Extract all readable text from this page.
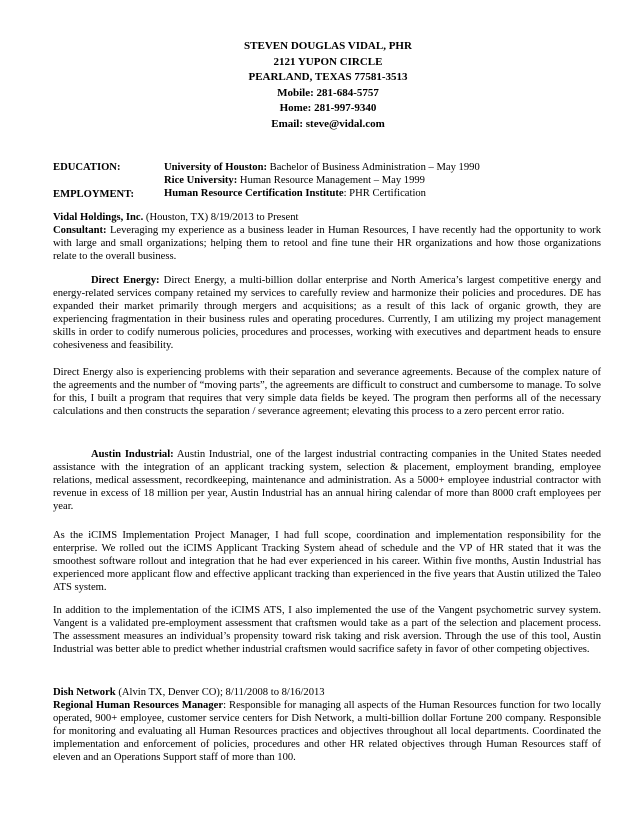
STEVEN DOUGLAS VIDAL, PHR
2121 YUPON CIRCLE
PEARLAND, TEXAS 77581-3513
Mobile: 281-684-5757
Home: 281-997-9340
Email: steve@vidal.com
EDUCATION:	University of Houston: Bachelor of Business Administration – May 1990
Rice University: Human Resource Management – May 1999
Human Resource Certification Institute: PHR Certification
EMPLOYMENT:
Vidal Holdings, Inc. (Houston, TX) 8/19/2013 to Present

Consultant: Leveraging my experience as a business leader in Human Resources, I have recently had the opportunity to work with large and small organizations; helping them to retool and fine tune their HR organizations and how those organizations relate to the overall business.

Direct Energy: Direct Energy, a multi-billion dollar enterprise and North America’s largest competitive energy and energy-related services company retained my services to carefully review and harmonize their policies and procedures. DE has expanded their market primarily through mergers and acquisitions; as a result of this lack of organic growth, they are experiencing fragmentation in their business rules and operating procedures. Currently, I am utilizing my project management skills in order to codify numerous policies, procedures and processes, working with executives and department heads to ensure cohesiveness and feasibility.

Direct Energy also is experiencing problems with their separation and severance agreements. Because of the complex nature of the agreements and the number of “moving parts”, the agreements are difficult to construct and cumbersome to manage. To solve for this, I built a program that requires that very simple data fields be keyed. The program then performs all of the necessary calculations and then constructs the separation / severance agreement; elevating this process to a zero percent error ratio.

Austin Industrial: Austin Industrial, one of the largest industrial contracting companies in the United States needed assistance with the integration of an applicant tracking system, selection & placement, employment branding, employee relations, medical assessment, recordkeeping, maintenance and administration. As a 5000+ employee industrial contractor with revenue in excess of 18 million per year, Austin Industrial has an annual hiring calendar of more than 8000 craft employees per year.

As the iCIMS Implementation Project Manager, I had full scope, coordination and implementation responsibility for the enterprise. We rolled out the iCIMS Applicant Tracking System ahead of schedule and the VP of HR stated that it was the smoothest software rollout and integration that he had ever experienced in his career. Within five months, Austin Industrial has experienced more applicant flow and effective applicant tracking than experienced in the five years that Austin utilized the Taleo ATS system.
In addition to the implementation of the iCIMS ATS, I also implemented the use of the Vangent psychometric survey system. Vangent is a validated pre-employment assessment that craftsmen would take as a part of the selection and placement process. The assessment measures an individual’s propensity toward risk taking and risk aversion. Through the use of this tool, Austin Industrial was better able to predict whether industrial craftsmen would sacrifice safety in favor of other competing objectives.
Dish Network (Alvin TX, Denver CO); 8/11/2008 to 8/16/2013

Regional Human Resources Manager: Responsible for managing all aspects of the Human Resources function for two locally operated, 900+ employee, customer service centers for Dish Network, a multi-billion dollar Fortune 200 company. Responsible for monitoring and evaluating all Human Resources practices and objectives throughout all local departments. Coordinated the implementation and enforcement of policies, procedures and other HR related objectives through Human Resources staff of eleven and an Operations Support staff of more than 100.
